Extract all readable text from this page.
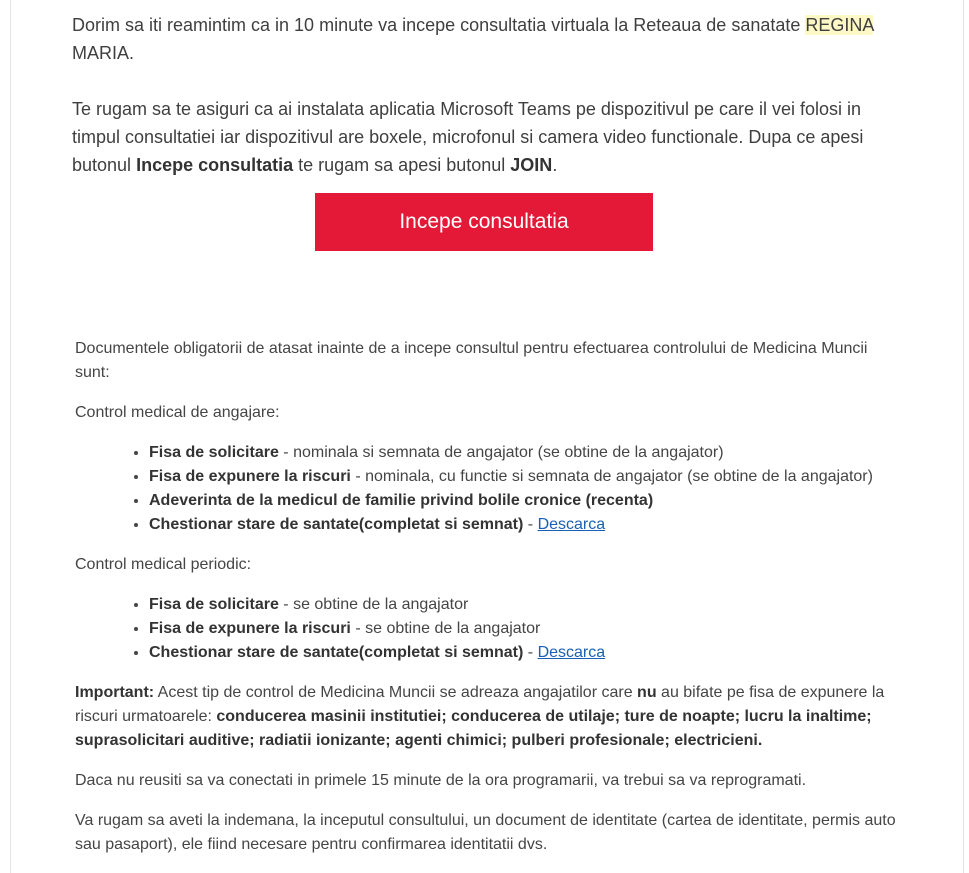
Dorim sa iti reamintim ca in 10 minute va incepe consultatia virtuala la Reteaua de sanatate REGINA MARIA.

Te rugam sa te asiguri ca ai instalata aplicatia Microsoft Teams pe dispozitivul pe care il vei folosi in timpul consultatiei iar dispozitivul are boxele, microfonul si camera video functionale. Dupa ce apesi butonul Incepe consultatia te rugam sa apesi butonul JOIN.

Incepe consultatia

Documentele obligatorii de atasat inainte de a incepe consultul pentru efectuarea controlului de Medicina Muncii sunt:

Control medical de angajare:

• Fisa de solicitare - nominala si semnata de angajator (se obtine de la angajator)
• Fisa de expunere la riscuri - nominala, cu functie si semnata de angajator (se obtine de la angajator)
• Adeverinta de la medicul de familie privind bolile cronice (recenta)
• Chestionar stare de santate(completat si semnat) - Descarca

Control medical periodic:

• Fisa de solicitare - se obtine de la angajator
• Fisa de expunere la riscuri - se obtine de la angajator
• Chestionar stare de santate(completat si semnat) - Descarca

Important: Acest tip de control de Medicina Muncii se adreaza angajatilor care nu au bifate pe fisa de expunere la riscuri urmatoarele: conducerea masinii institutiei; conducerea de utilaje; ture de noapte; lucru la inaltime; suprasolicitari auditive; radiatii ionizante; agenti chimici; pulberi profesionale; electricieni.

Daca nu reusiti sa va conectati in primele 15 minute de la ora programarii, va trebui sa va reprogramati.

Va rugam sa aveti la indemana, la inceputul consultului, un document de identitate (cartea de identitate, permis auto sau pasaport), ele fiind necesare pentru confirmarea identitatii dvs.
